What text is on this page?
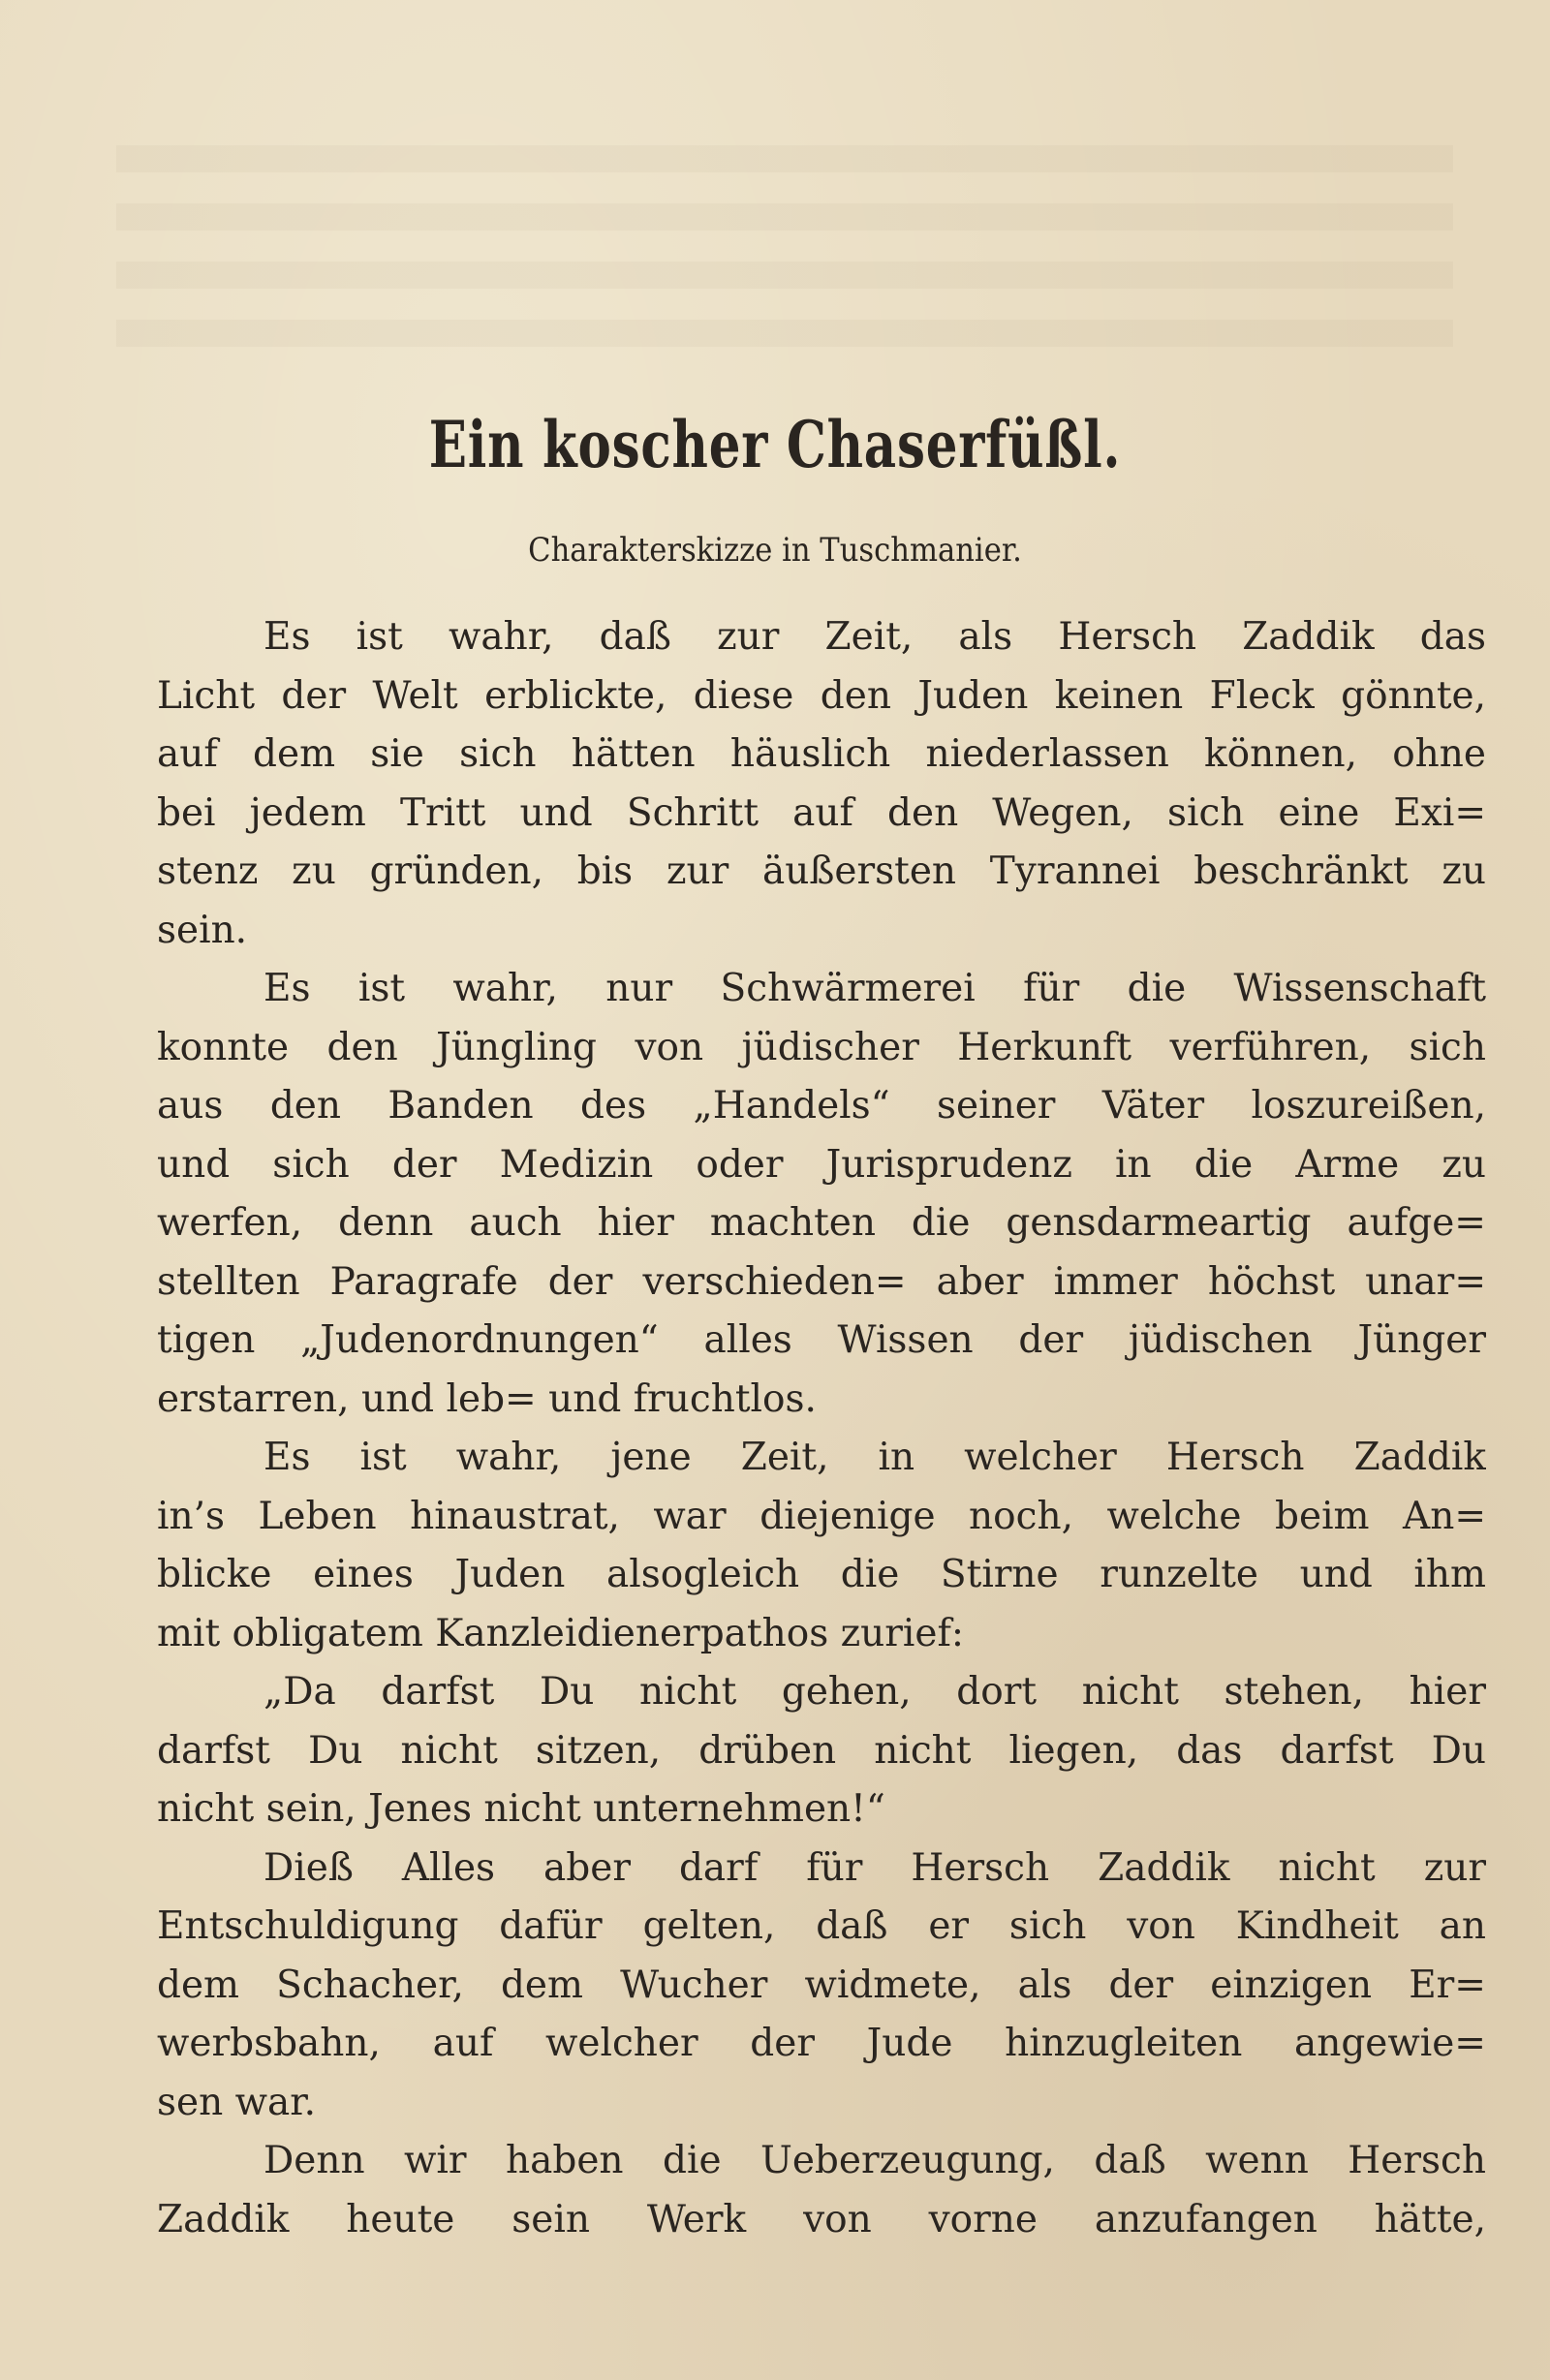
Ein koscher Chaserfüßl.
Charakterskizze in Tuschmanier.
Es ist wahr, daß zur Zeit, als Hersch Zaddik das
Licht der Welt erblickte, diese den Juden keinen Fleck gönnte,
auf dem sie sich hätten häuslich niederlassen können, ohne
bei jedem Tritt und Schritt auf den Wegen, sich eine Exi=
stenz zu gründen, bis zur äußersten Tyrannei beschränkt zu
sein.
Es ist wahr, nur Schwärmerei für die Wissenschaft
konnte den Jüngling von jüdischer Herkunft verführen, sich
aus den Banden des „Handels“ seiner Väter loszureißen,
und sich der Medizin oder Jurisprudenz in die Arme zu
werfen, denn auch hier machten die gensdarmeartig aufge=
stellten Paragrafe der verschieden= aber immer höchst unar=
tigen „Judenordnungen“ alles Wissen der jüdischen Jünger
erstarren, und leb= und fruchtlos.
Es ist wahr, jene Zeit, in welcher Hersch Zaddik
in’s Leben hinaustrat, war diejenige noch, welche beim An=
blicke eines Juden alsogleich die Stirne runzelte und ihm
mit obligatem Kanzleidienerpathos zurief:
„Da darfst Du nicht gehen, dort nicht stehen, hier
darfst Du nicht sitzen, drüben nicht liegen, das darfst Du
nicht sein, Jenes nicht unternehmen!“
Dieß Alles aber darf für Hersch Zaddik nicht zur
Entschuldigung dafür gelten, daß er sich von Kindheit an
dem Schacher, dem Wucher widmete, als der einzigen Er=
werbsbahn, auf welcher der Jude hinzugleiten angewie=
sen war.
Denn wir haben die Ueberzeugung, daß wenn Hersch
Zaddik heute sein Werk von vorne anzufangen hätte,
